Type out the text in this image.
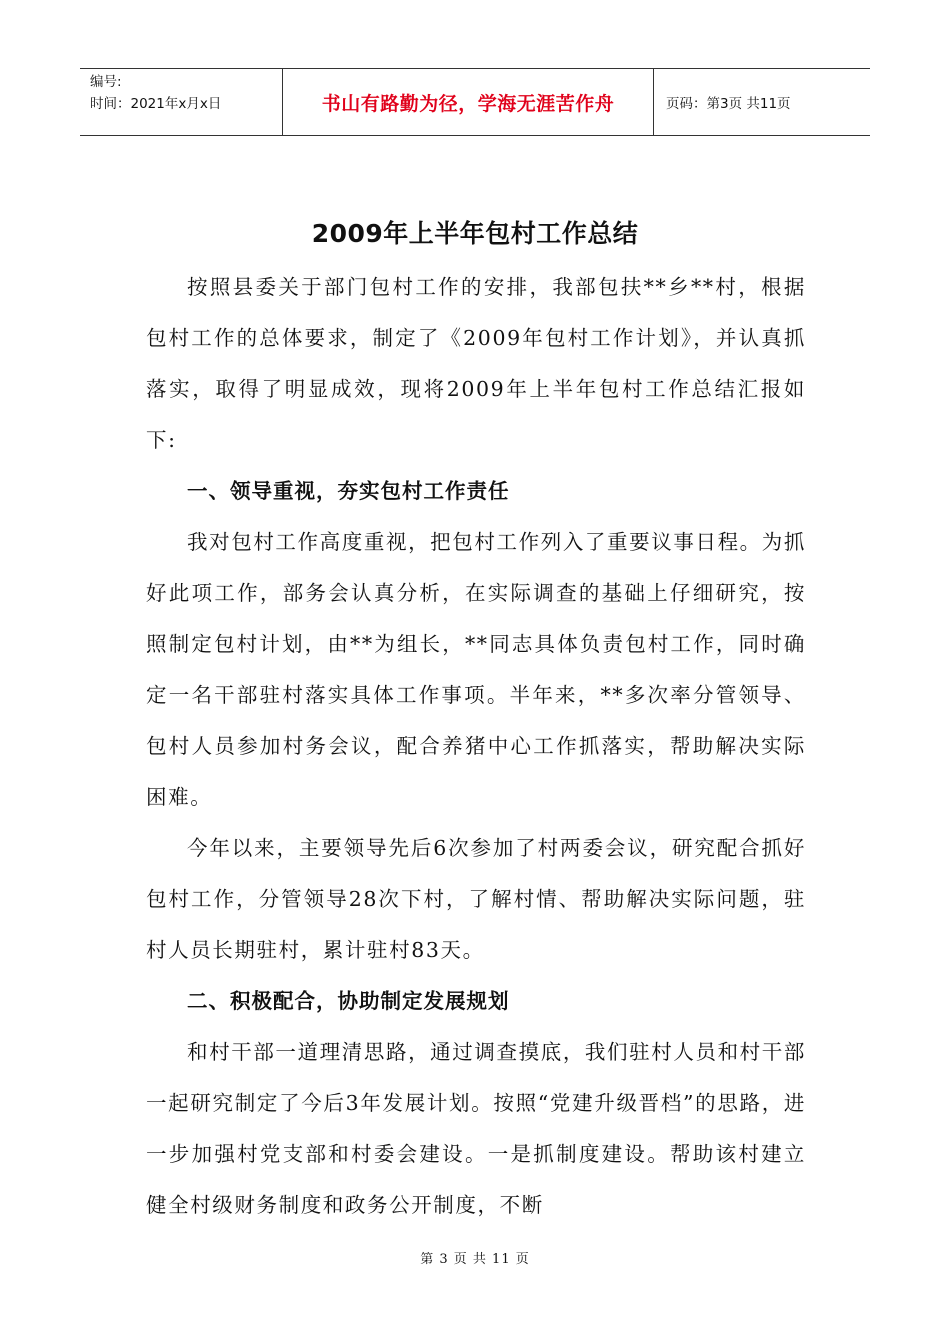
编号:
时间：2021年x月x日	书山有路勤为径，学海无涯苦作舟	页码：第3页 共11页
2009年上半年包村工作总结

按照县委关于部门包村工作的安排，我部包扶**乡**村，根据包村工作的总体要求，制定了《2009年包村工作计划》，并认真抓落实，取得了明显成效，现将2009年上半年包村工作总结汇报如下:

一、领导重视，夯实包村工作责任

我对包村工作高度重视，把包村工作列入了重要议事日程。为抓好此项工作，部务会认真分析，在实际调查的基础上仔细研究，按照制定包村计划，由**为组长，**同志具体负责包村工作，同时确定一名干部驻村落实具体工作事项。半年来，**多次率分管领导、包村人员参加村务会议，配合养猪中心工作抓落实，帮助解决实际困难。

今年以来，主要领导先后6次参加了村两委会议，研究配合抓好包村工作，分管领导28次下村，了解村情、帮助解决实际问题，驻村人员长期驻村，累计驻村83天。

二、积极配合，协助制定发展规划

和村干部一道理清思路，通过调查摸底，我们驻村人员和村干部一起研究制定了今后3年发展计划。按照“党建升级晋档”的思路，进一步加强村党支部和村委会建设。一是抓制度建设。帮助该村建立健全村级财务制度和政务公开制度，不断

第 3 页 共 11 页
